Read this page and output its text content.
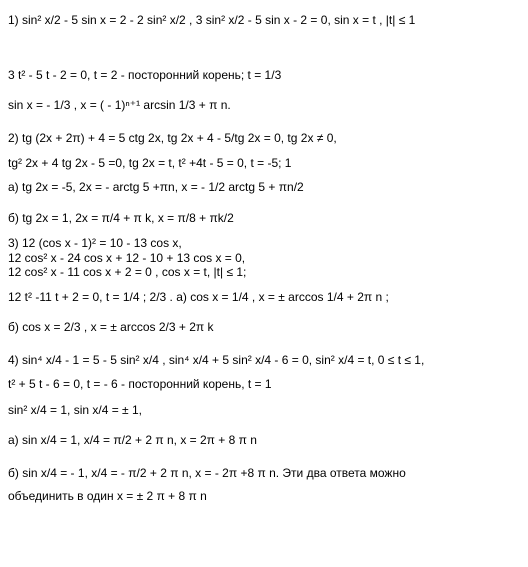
1) sin² x/2 - 5 sin x = 2 - 2 sin² x/2 , 3 sin² x/2 - 5 sin x - 2 = 0, sin x = t , |t| ≤ 1
3 t² - 5 t - 2 = 0, t = 2 - посторонний корень; t = 1/3
sin x = - 1/3 , x = ( - 1)ⁿ⁺¹ arcsin 1/3 + π n.
2) tg (2x + 2π) + 4 = 5 ctg 2x, tg 2x + 4 - 5/tg 2x = 0, tg 2x ≠ 0,
tg² 2x + 4 tg 2x - 5 =0, tg 2x = t, t² +4t - 5 = 0, t = -5; 1
а) tg 2x = -5, 2x = - arctg 5 +πn, x = - 1/2 arctg 5 + πn/2
б) tg 2x = 1, 2x = π/4 + π k, x = π/8 + πk/2
3) 12 (cos x - 1)² = 10 - 13 cos x,
12 cos² x - 24 cos x + 12 - 10 + 13 cos x = 0,
12 cos² x - 11 cos x + 2 = 0 , cos x = t, |t| ≤ 1;
12 t² -11 t + 2 = 0, t = 1/4 ; 2/3 . а) cos x = 1/4 , x = ± arccos 1/4 + 2π n ;
б) cos x = 2/3 , x = ± arccos 2/3 + 2π k
4) sin⁴ x/4 - 1 = 5 - 5 sin² x/4 , sin⁴ x/4 + 5 sin² x/4 - 6 = 0, sin² x/4 = t, 0 ≤ t ≤ 1,
t² + 5 t - 6 = 0, t = - 6 - посторонний корень, t = 1
sin² x/4 = 1, sin x/4 = ± 1,
а) sin x/4 = 1, x/4 = π/2 + 2 π n, x = 2π + 8 π n
б) sin x/4 = - 1, x/4 = - π/2 + 2 π n, x = - 2π +8 π n. Эти два ответа можно
объединить в один x = ± 2 π + 8 π n
